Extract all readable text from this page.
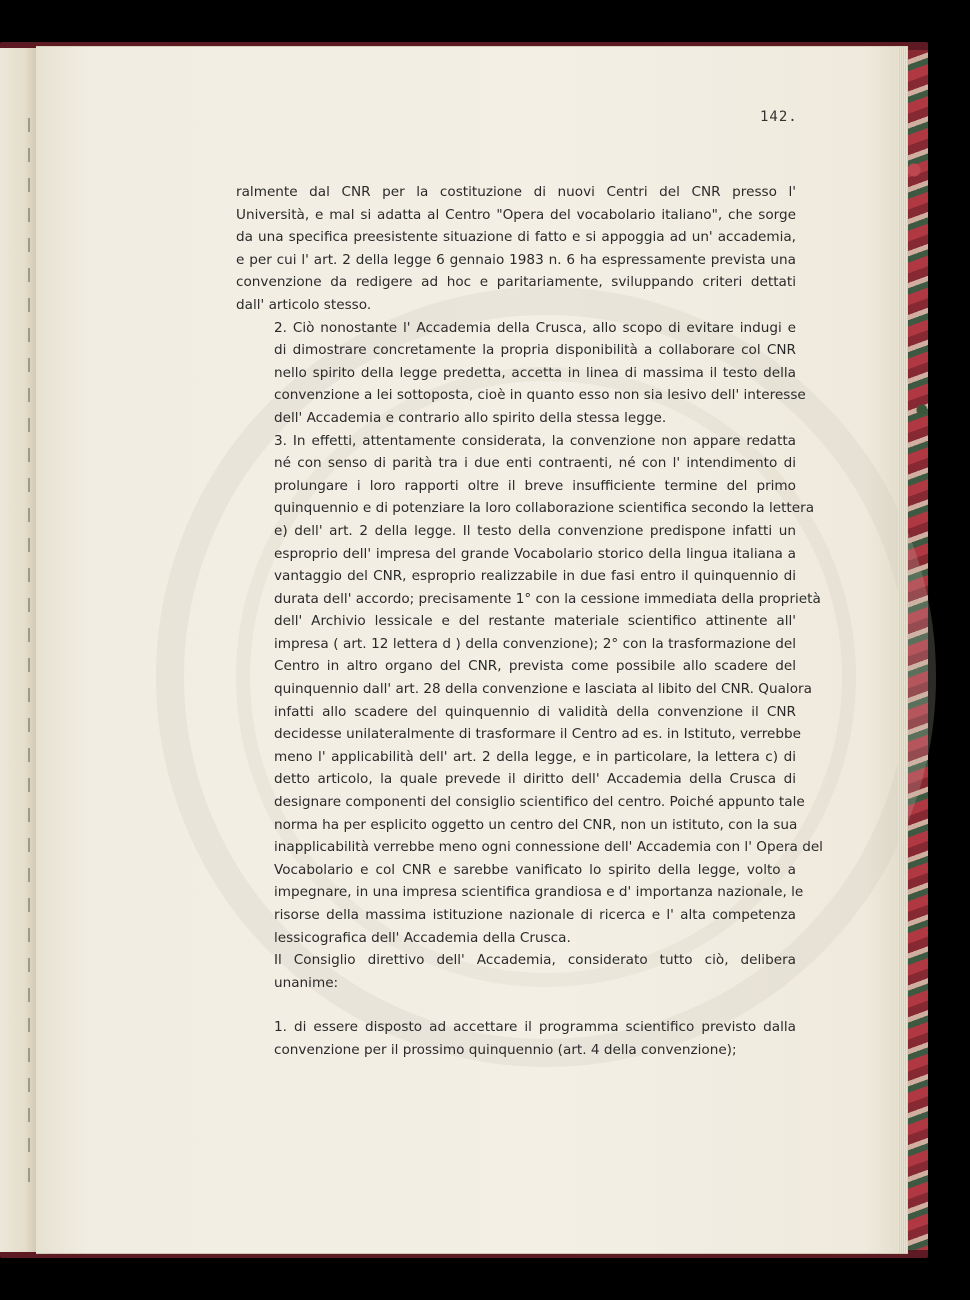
142.

ralmente dal CNR per la costituzione di nuovi Centri del CNR presso l'
Università, e mal si adatta al Centro "Opera del vocabolario italiano", che sorge
da una specifica preesistente situazione di fatto e si appoggia ad un' accademia,
e per cui l' art. 2 della legge 6 gennaio 1983 n. 6 ha espressamente prevista una
convenzione da redigere ad hoc e paritariamente, sviluppando criteri dettati
dall' articolo stesso.

2. Ciò nonostante l' Accademia della Crusca, allo scopo di evitare indugi e
di dimostrare concretamente la propria disponibilità a collaborare col CNR
nello spirito della legge predetta, accetta in linea di massima il testo della
convenzione a lei sottoposta, cioè in quanto esso non sia lesivo dell' interesse
dell' Accademia e contrario allo spirito della stessa legge.

3. In effetti, attentamente considerata, la convenzione non appare redatta
né con senso di parità tra i due enti contraenti, né con l' intendimento di
prolungare i loro rapporti oltre il breve insufficiente termine del primo
quinquennio e di potenziare la loro collaborazione scientifica secondo la lettera
e) dell' art. 2 della legge. Il testo della convenzione predispone infatti un
esproprio dell' impresa del grande Vocabolario storico della lingua italiana a
vantaggio del CNR, esproprio realizzabile in due fasi entro il quinquennio di
durata dell' accordo; precisamente 1° con la cessione immediata della proprietà
dell' Archivio lessicale e del restante materiale scientifico attinente all'
impresa ( art. 12 lettera d ) della convenzione); 2° con la trasformazione del
Centro in altro organo del CNR, prevista come possibile allo scadere del
quinquennio dall' art. 28 della convenzione e lasciata al libito del CNR. Qualora
infatti allo scadere del quinquennio di validità della convenzione il CNR
decidesse unilateralmente di trasformare il Centro ad es. in Istituto, verrebbe
meno l' applicabilità dell' art. 2 della legge, e in particolare, la lettera c) di
detto articolo, la quale prevede il diritto dell' Accademia della Crusca di
designare componenti del consiglio scientifico del centro. Poiché appunto tale
norma ha per esplicito oggetto un centro del CNR, non un istituto, con la sua
inapplicabilità verrebbe meno ogni connessione dell' Accademia con l' Opera del
Vocabolario e col CNR e sarebbe vanificato lo spirito della legge, volto a
impegnare, in una impresa scientifica grandiosa e d' importanza nazionale, le
risorse della massima istituzione nazionale di ricerca e l' alta competenza
lessicografica dell' Accademia della Crusca.

Il Consiglio direttivo dell' Accademia, considerato tutto ciò, delibera
unanime:

1. di essere disposto ad accettare il programma scientifico previsto dalla
convenzione per il prossimo quinquennio (art. 4 della convenzione);
